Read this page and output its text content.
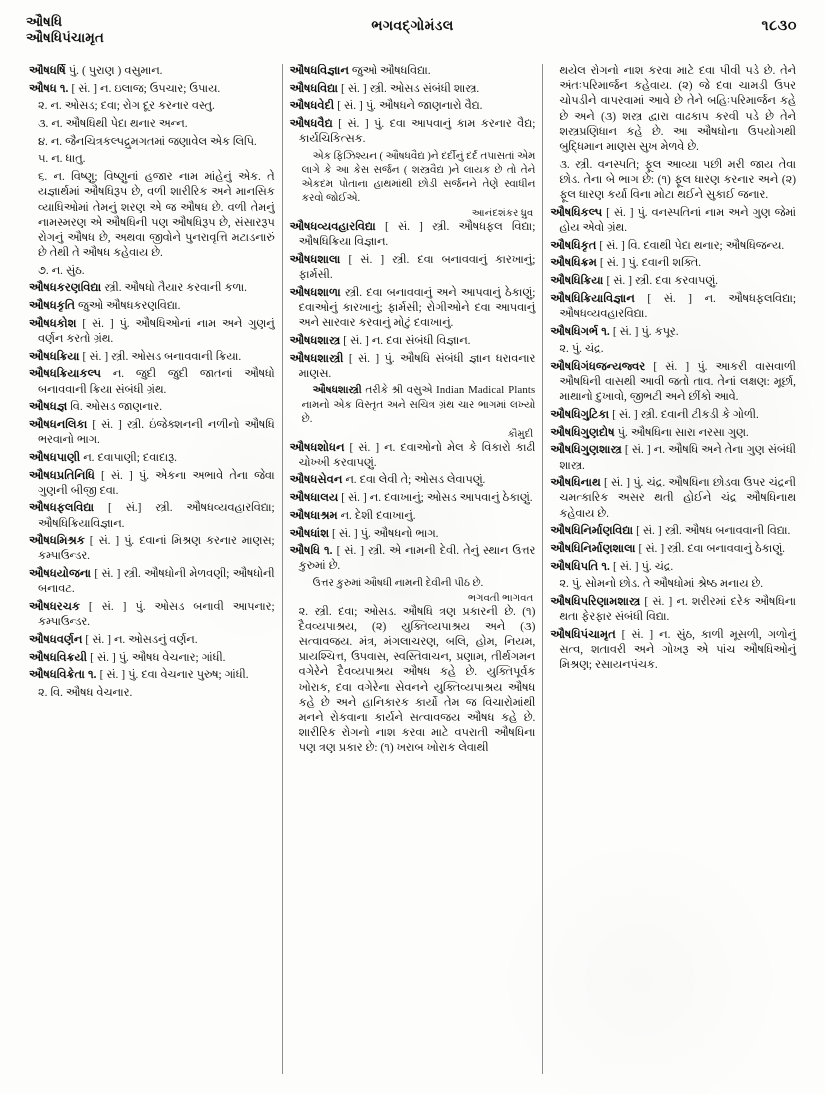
ઔષધિ
ઔષધિપંચામૃત
ભગવદ્ગોમંડલ	૧૮૩૦

ઔષધર્ષિ પું. ( પુરાણ ) વસુમાન.

ઔષધ ૧. [ સં. ] ન. ઇલાજ; ઉપચાર; ઉપાય.

૨. ન. ઓસડ; દવા; રોગ દૂર કરનાર વસ્તુ.

૩. ન. ઔષધિથી પેદા થનાર અન્ન.

૪. ન. જૈનચિત્રકલ્પદ્રુમગતમાં જણાવેલ એક લિપિ.

૫. ન. ધાતુ.

૬. ન. વિષ્ણુ; વિષ્ણુનાં હજાર નામ માંહેનું એક. તે યજ્ઞાર્થમાં ઔષધિરૂપ છે, વળી શારીરિક અને માનસિક વ્યાધિઓમાં તેમનું શરણ એ જ ઔષધ છે. વળી તેમનું નામસ્મરણ એ ઔષધિની પણ ઔષધિરૂપ છે, સંસારરૂપ રોગનું ઔષધ છે, અથવા જીવોને પુનરાવૃત્તિ મટાડનારું છે તેથી તે ઔષધ કહેવાય છે.

૭. ન. સુંઠ.

ઔષધકરણવિદ્યા સ્ત્રી. ઔષધો તૈયાર કરવાની કળા.

ઔષધકૃતિ જુઓ ઔષધકરણવિદ્યા.

ઔષધકોશ [ સં. ] પું. ઔષધિઓનાં નામ અને ગુણનું વર્ણન કરતો ગ્રંથ.

ઔષધક્રિયા [ સં. ] સ્ત્રી. ઓસડ બનાવવાની ક્રિયા.

ઔષધક્રિયાકલ્પ ન. જુદી જુદી જાતનાં ઔષધો બનાવવાની ક્રિયા સંબંધી ગ્રંથ.

ઔષધજ્ઞ વિ. ઓસડ જાણનાર.

ઔષધનલિકા [ સં. ] સ્ત્રી. ઇંજેક્શનની નળીનો ઔષધિ ભરવાનો ભાગ.

ઔષધપાણી ન. દવાપાણી; દવાદારૂ.

ઔષધપ્રતિનિધિ [ સં. ] પું. એકના અભાવે તેના જેવા ગુણની બીજી દવા.

ઔષધફલવિદ્યા [ સં.] સ્ત્રી. ઔષધવ્યવહારવિદ્યા; ઔષધિક્રિયાવિજ્ઞાન.

ઔષધમિશ્રક [ સં. ] પું. દવાનાં મિશ્રણ કરનાર માણસ; કમ્પાઉન્ડર.

ઔષધયોજના [ સં. ] સ્ત્રી. ઔષધોની મેળવણી; ઔષધોની બનાવટ.

ઔષધરચક [ સં. ] પું. ઓસડ બનાવી આપનાર; કમ્પાઉન્ડર.

ઔષધવર્ણન [ સં. ] ન. ઓસડનું વર્ણન.

ઔષધવિક્રયી [ સં. ] પું. ઔષધ વેચનાર; ગાંધી.

ઔષધવિક્રેતા ૧. [ સં. ] પું. દવા વેચનાર પુરુષ; ગાંધી.

૨. વિ. ઔષધ વેચનાર.

ઔષધવિજ્ઞાન જુઓ ઔષધવિદ્યા.

ઔષધવિદ્યા [ સં. ] સ્ત્રી. ઓસડ સંબંધી શાસ્ત્ર.

ઔષધવેદી [ સં. ] પું. ઔષધને જાણનારો વૈદ્ય.

ઔષધવૈદ્ય [ સં. ] પું. દવા આપવાનું કામ કરનાર વૈદ્ય; કાર્યચિકિત્સક.

એક ફિઝિશ્યન ( ઔષધવૈદ્ય )ને દર્દીનું દર્દ તપાસતાં એમ લાગે કે આ કેસ સર્જન ( શસ્ત્રવૈદ્ય )ને લાયક છે તો તેને એકદમ પોતાના હાથમાંથી છોડી સર્જનને તેણે સ્વાધીન કરવો જોઈએ.

આનંદશંકર ધ્રુવ

ઔષધવ્યવહારવિદ્યા [ સં. ] સ્ત્રી. ઔષધફલ વિદ્યા; ઔષધિક્રિયા વિજ્ઞાન.

ઔષધશાલા [ સં. ] સ્ત્રી. દવા બનાવવાનું કારખાનું; ફાર્મસી.

ઔષધશાળા સ્ત્રી. દવા બનાવવાનું અને આપવાનું ઠેકાણું; દવાઓનું કારખાનું; ફાર્મસી; રોગીઓને દવા આપવાનું અને સારવાર કરવાનું મોટું દવાખાનું.

ઔષધશાસ્ત્ર [ સં. ] ન. દવા સંબંધી વિજ્ઞાન.

ઔષધશાસ્ત્રી [ સં. ] પું. ઔષધિ સંબંધી જ્ઞાન ધરાવનાર માણસ.

ઔષધશાસ્ત્રી તરીકે શ્રી વસુએ Indian Madical Plants નામનો એક વિસ્તૃત અને સચિત્ર ગ્રંથ ચાર ભાગમાં લખ્યો છે.

કૌમુદી

ઔષધશોધન [ સં. ] ન. દવાઓનો મેલ કે વિકારો કાઢી ચોખ્ખી કરવાપણું.

ઔષધસેવન ન. દવા લેવી તે; ઓસડ લેવાપણું.

ઔષધાલય [ સં. ] ન. દવાખાનું; ઓસડ આપવાનું ઠેકાણું.

ઔષધાશ્રમ ન. દેશી દવાખાનું.

ઔષધાંશ [ સં. ] પું. ઔષધનો ભાગ.

ઔષધિ ૧. [ સં. ] સ્ત્રી. એ નામની દેવી. તેનું સ્થાન ઉત્તર કુરુમાં છે.

ઉત્તર કુરુમાં ઔષધી નામની દેવીની પીઠ છે.

ભગવતી ભાગવત

૨. સ્ત્રી. દવા; ઓસડ. ઔષધિ ત્રણ પ્રકારની છે. (૧) દૈવવ્યપાશ્રય, (૨) યુક્તિવ્યપાશ્રય અને (૩) સત્વાવજય. મંત્ર, મંગલાચરણ, બલિ, હોમ, નિયમ, પ્રાયશ્ચિત્ત, ઉપવાસ, સ્વસ્તિવાચન, પ્રણામ, તીર્થગમન વગેરેને દૈવવ્યપાશ્રય ઔષધ કહે છે. યુક્તિપૂર્વક ખોરાક, દવા વગેરેના સેવનને યુક્તિવ્યપાશ્રય ઔષધ કહે છે અને હાનિકારક કાર્યો તેમ જ વિચારોમાંથી મનને રોકવાના કાર્યને સત્વાવજય ઔષધ કહે છે. શારીરિક રોગનો નાશ કરવા માટે વપરાતી ઔષધિના પણ ત્રણ પ્રકાર છે: (૧) ખરાબ ખોરાક લેવાથી

થયેલ રોગનો નાશ કરવા માટે દવા પીવી પડે છે. તેને અંતઃપરિમાર્જન કહેવાય. (૨) જે દવા ચામડી ઉપર ચોપડીને વાપરવામાં આવે છે તેને બહિઃપરિમાર્જન કહે છે અને (૩) શસ્ત્ર દ્વારા વાઢકાપ કરવી પડે છે તેને શસ્ત્રપ્રણિધાન કહે છે. આ ઔષધોના ઉપયોગથી બુદ્ધિમાન માણસ સુખ મેળવે છે.

૩. સ્ત્રી. વનસ્પતિ; ફૂલ આવ્યા પછી મરી જાય તેવા છોડ. તેના બે ભાગ છે: (૧) ફૂલ ધારણ કરનાર અને (૨) ફૂલ ધારણ કર્યા વિના મોટા થઈને સુકાઈ જનાર.

ઔષધિકલ્પ [ સં. ] પું. વનસ્પતિનાં નામ અને ગુણ જેમાં હોય એવો ગ્રંથ.

ઔષધિકૃત [ સં. ] વિ. દવાથી પેદા થનાર; ઔષધિજન્ય.

ઔષધિક્રમ [ સં. ] પું. દવાની શક્તિ.

ઔષધિક્રિયા [ સં. ] સ્ત્રી. દવા કરવાપણું.

ઔષધિક્રિયાવિજ્ઞાન [ સં. ] ન. ઔષધફલવિદ્યા; ઔષધવ્યવહારવિદ્યા.

ઔષધિગર્ભ ૧. [ સં. ] પું. કપૂર.

૨. પું. ચંદ્ર.

ઔષધિગંધજન્યજ્વર [ સં. ] પું. આકરી વાસવાળી ઔષધિની વાસથી આવી જતો તાવ. તેનાં લક્ષણ: મૂર્છા, માથાનો દુખાવો, જીભટી અને છીંકો આવે.

ઔષધિગુટિકા [ સં. ] સ્ત્રી. દવાની ટીકડી કે ગોળી.

ઔષધિગુણદોષ પું. ઔષધિના સારા નરસા ગુણ.

ઔષધિગુણશાસ્ત્ર [ સં. ] ન. ઔષધિ અને તેના ગુણ સંબંધી શાસ્ત્ર.

ઔષધિનાથ [ સં. ] પું. ચંદ્ર. ઔષધિના છોડવા ઉપર ચંદ્રની ચમત્કારિક અસર થતી હોઈને ચંદ્ર ઔષધિનાથ કહેવાય છે.

ઔષધિનિર્માણવિદ્યા [ સં. ] સ્ત્રી. ઔષધ બનાવવાની વિદ્યા.

ઔષધિનિર્માણશાલા [ સં. ] સ્ત્રી. દવા બનાવવાનું ઠેકાણું.

ઔષધિપતિ ૧. [ સં. ] પું. ચંદ્ર.

૨. પું. સોમનો છોડ. તે ઔષધોમાં શ્રેષ્ઠ મનાય છે.

ઔષધિપરિણામશાસ્ત્ર [ સં. ] ન. શરીરમાં દરેક ઔષધિના થતા ફેરફાર સંબંધી વિદ્યા.

ઔષધિપંચામૃત [ સં. ] ન. સુંઠ, કાળી મૂસળી, ગળોનું સત્વ, શતાવરી અને ગોખરૂ એ પાંચ ઔષધિઓનું મિશ્રણ; રસાયનપંચક.
